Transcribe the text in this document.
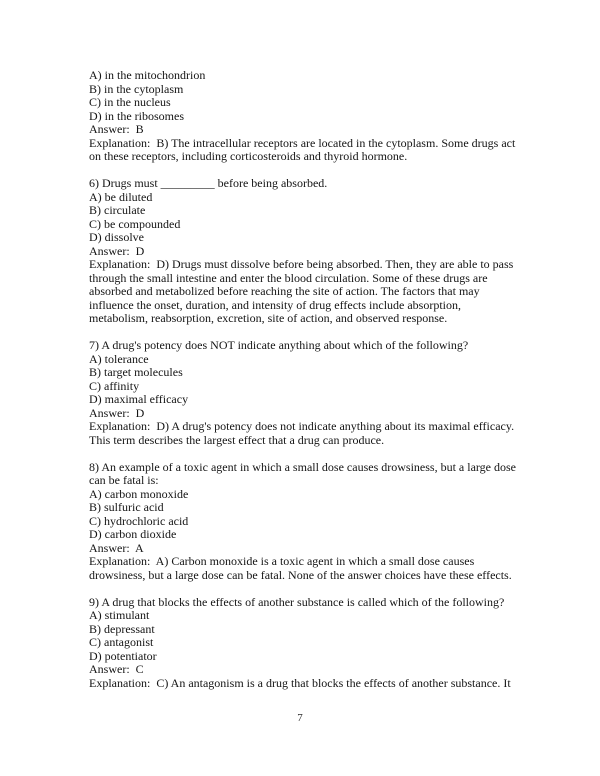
A) in the mitochondrion
B) in the cytoplasm
C) in the nucleus
D) in the ribosomes
Answer:  B
Explanation:  B) The intracellular receptors are located in the cytoplasm. Some drugs act
on these receptors, including corticosteroids and thyroid hormone.
6) Drugs must _________ before being absorbed.
A) be diluted
B) circulate
C) be compounded
D) dissolve
Answer:  D
Explanation:  D) Drugs must dissolve before being absorbed. Then, they are able to pass
through the small intestine and enter the blood circulation. Some of these drugs are
absorbed and metabolized before reaching the site of action. The factors that may
influence the onset, duration, and intensity of drug effects include absorption,
metabolism, reabsorption, excretion, site of action, and observed response.
7) A drug's potency does NOT indicate anything about which of the following?
A) tolerance
B) target molecules
C) affinity
D) maximal efficacy
Answer:  D
Explanation:  D) A drug's potency does not indicate anything about its maximal efficacy.
This term describes the largest effect that a drug can produce.
8) An example of a toxic agent in which a small dose causes drowsiness, but a large dose
can be fatal is:
A) carbon monoxide
B) sulfuric acid
C) hydrochloric acid
D) carbon dioxide
Answer:  A
Explanation:  A) Carbon monoxide is a toxic agent in which a small dose causes
drowsiness, but a large dose can be fatal. None of the answer choices have these effects.
9) A drug that blocks the effects of another substance is called which of the following?
A) stimulant
B) depressant
C) antagonist
D) potentiator
Answer:  C
Explanation:  C) An antagonism is a drug that blocks the effects of another substance. It
7
